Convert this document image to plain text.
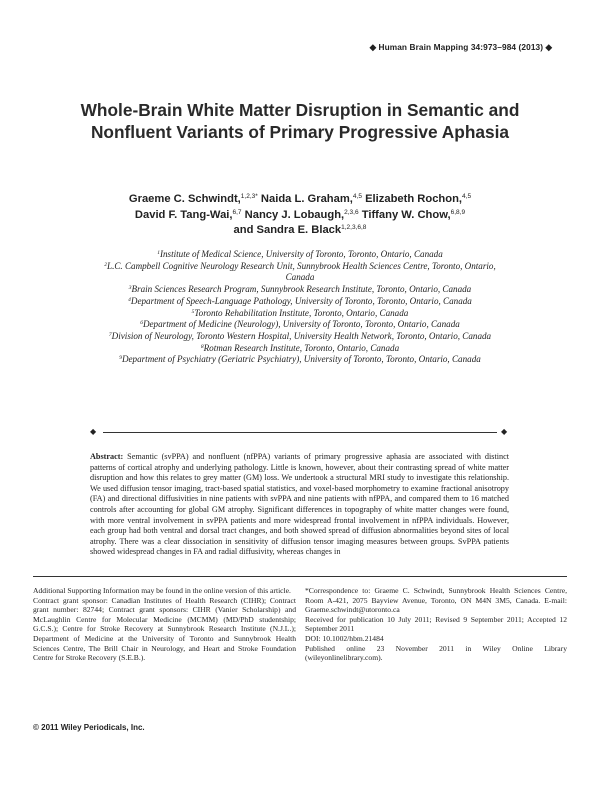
◆ Human Brain Mapping 34:973–984 (2013) ◆
Whole-Brain White Matter Disruption in Semantic and Nonfluent Variants of Primary Progressive Aphasia
Graeme C. Schwindt,$^{1,2,3*}$ Naida L. Graham,$^{4,5}$ Elizabeth Rochon,$^{4,5}$
David F. Tang-Wai,$^{6,7}$ Nancy J. Lobaugh,$^{2,3,6}$ Tiffany W. Chow,$^{6,8,9}$
and Sandra E. Black$^{1,2,3,6,8}$
$^1$Institute of Medical Science, University of Toronto, Toronto, Ontario, Canada
$^2$L.C. Campbell Cognitive Neurology Research Unit, Sunnybrook Health Sciences Centre, Toronto, Ontario, Canada
$^3$Brain Sciences Research Program, Sunnybrook Research Institute, Toronto, Ontario, Canada
$^4$Department of Speech-Language Pathology, University of Toronto, Toronto, Ontario, Canada
$^5$Toronto Rehabilitation Institute, Toronto, Ontario, Canada
$^6$Department of Medicine (Neurology), University of Toronto, Toronto, Ontario, Canada
$^7$Division of Neurology, Toronto Western Hospital, University Health Network, Toronto, Ontario, Canada
$^8$Rotman Research Institute, Toronto, Ontario, Canada
$^9$Department of Psychiatry (Geriatric Psychiatry), University of Toronto, Toronto, Ontario, Canada
◆	◆
Abstract: Semantic (svPPA) and nonfluent (nfPPA) variants of primary progressive aphasia are associated with distinct patterns of cortical atrophy and underlying pathology. Little is known, however, about their contrasting spread of white matter disruption and how this relates to grey matter (GM) loss. We undertook a structural MRI study to investigate this relationship. We used diffusion tensor imaging, tract-based spatial statistics, and voxel-based morphometry to examine fractional anisotropy (FA) and directional diffusivities in nine patients with svPPA and nine patients with nfPPA, and compared them to 16 matched controls after accounting for global GM atrophy. Significant differences in topography of white matter changes were found, with more ventral involvement in svPPA patients and more widespread frontal involvement in nfPPA individuals. However, each group had both ventral and dorsal tract changes, and both showed spread of diffusion abnormalities beyond sites of local atrophy. There was a clear dissociation in sensitivity of diffusion tensor imaging measures between groups. SvPPA patients showed widespread changes in FA and radial diffusivity, whereas changes in

Additional Supporting Information may be found in the online version of this article.

Contract grant sponsor: Canadian Institutes of Health Research (CIHR); Contract grant number: 82744; Contract grant sponsors: CIHR (Vanier Scholarship) and McLaughlin Centre for Molecular Medicine (MCMM) (MD/PhD studentship; G.C.S.); Centre for Stroke Recovery at Sunnybrook Research Institute (N.J.L.); Department of Medicine at the University of Toronto and Sunnybrook Health Sciences Centre, The Brill Chair in Neurology, and Heart and Stroke Foundation Centre for Stroke Recovery (S.E.B.).

*Correspondence to: Graeme C. Schwindt, Sunnybrook Health Sciences Centre, Room A-421, 2075 Bayview Avenue, Toronto, ON M4N 3M5, Canada. E-mail: Graeme.schwindt@utoronto.ca

Received for publication 10 July 2011; Revised 9 September 2011; Accepted 12 September 2011

DOI: 10.1002/hbm.21484

Published online 23 November 2011 in Wiley Online Library (wileyonlinelibrary.com).

© 2011 Wiley Periodicals, Inc.
